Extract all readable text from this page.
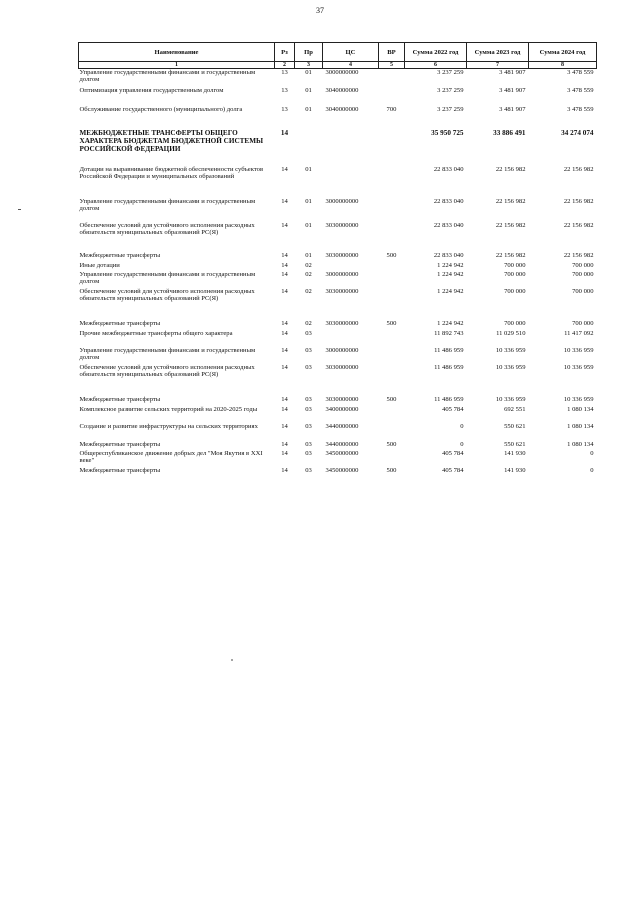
37
Наименование	Рз	Пр	ЦС	ВР	Сумма 2022 год	Сумма 2023 год	Сумма 2024 год
1	2	3	4	5	6	7	8
Управление государственными финансами и государственным долгом	13	01	3000000000		3 237 259	3 481 907	3 478 559
Оптимизация управления государственным долгом	13	01	3040000000		3 237 259	3 481 907	3 478 559
Обслуживание государственного (муниципального) долга	13	01	3040000000	700	3 237 259	3 481 907	3 478 559
МЕЖБЮДЖЕТНЫЕ ТРАНСФЕРТЫ ОБЩЕГО ХАРАКТЕРА БЮДЖЕТАМ БЮДЖЕТНОЙ СИСТЕМЫ РОССИЙСКОЙ ФЕДЕРАЦИИ	14				35 950 725	33 886 491	34 274 074
Дотации на выравнивание бюджетной обеспеченности субъектов Российской Федерации и муниципальных образований	14	01			22 833 040	22 156 982	22 156 982
Управление государственными финансами и государственным долгом	14	01	3000000000		22 833 040	22 156 982	22 156 982
Обеспечение условий для устойчивого исполнения расходных обязательств муниципальных образований РС(Я)	14	01	3030000000		22 833 040	22 156 982	22 156 982
Межбюджетные трансферты	14	01	3030000000	500	22 833 040	22 156 982	22 156 982
Иные дотации	14	02			1 224 942	700 000	700 000
Управление государственными финансами и государственным долгом	14	02	3000000000		1 224 942	700 000	700 000
Обеспечение условий для устойчивого исполнения расходных обязательств муниципальных образований РС(Я)	14	02	3030000000		1 224 942	700 000	700 000
Межбюджетные трансферты	14	02	3030000000	500	1 224 942	700 000	700 000
Прочие межбюджетные трансферты общего характера	14	03			11 892 743	11 029 510	11 417 092
Управление государственными финансами и государственным долгом	14	03	3000000000		11 486 959	10 336 959	10 336 959
Обеспечение условий для устойчивого исполнения расходных обязательств муниципальных образований РС(Я)	14	03	3030000000		11 486 959	10 336 959	10 336 959
Межбюджетные трансферты	14	03	3030000000	500	11 486 959	10 336 959	10 336 959
Комплексное развитие сельских территорий на 2020-2025 годы	14	03	3400000000		405 784	692 551	1 080 134
Создание и развитие инфраструктуры на сельских территориях	14	03	3440000000		0	550 621	1 080 134
Межбюджетные трансферты	14	03	3440000000	500	0	550 621	1 080 134
Общереспубликанское движение добрых дел "Моя Якутия в XXI веке"	14	03	3450000000		405 784	141 930	0
Межбюджетные трансферты	14	03	3450000000	500	405 784	141 930	0
